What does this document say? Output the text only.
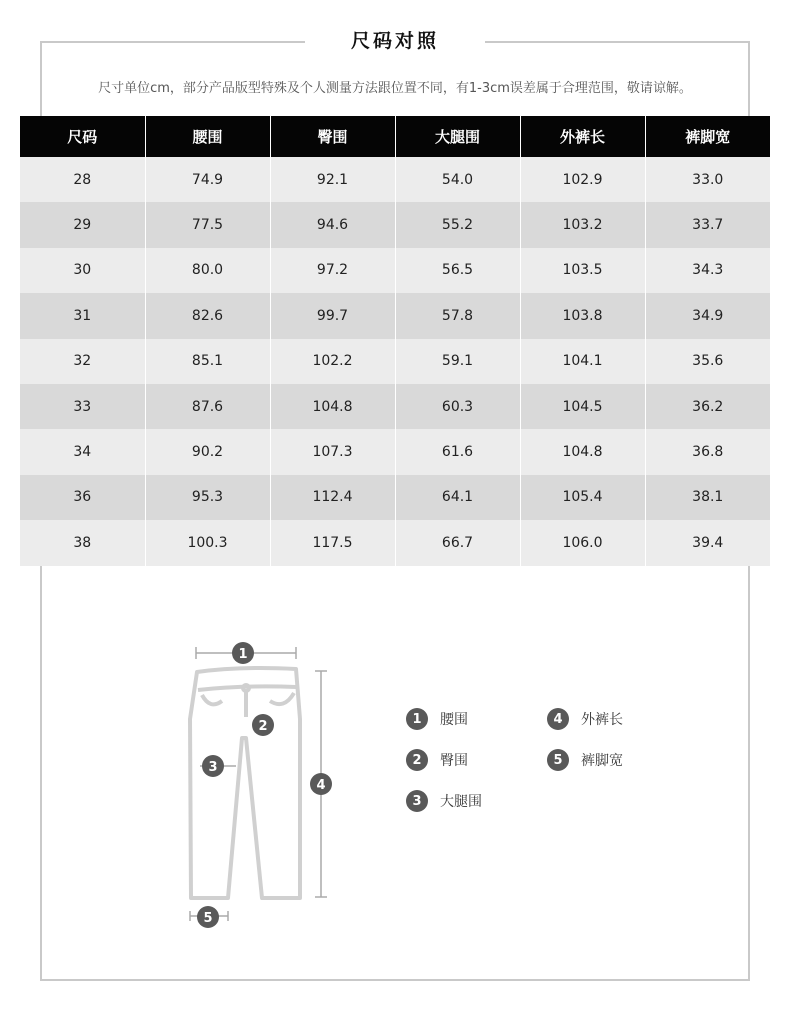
尺码对照
尺寸单位cm，部分产品版型特殊及个人测量方法跟位置不同，有1-3cm误差属于合理范围，敬请谅解。
尺码	腰围	臀围	大腿围	外裤长	裤脚宽
28	74.9	92.1	54.0	102.9	33.0
29	77.5	94.6	55.2	103.2	33.7
30	80.0	97.2	56.5	103.5	34.3
31	82.6	99.7	57.8	103.8	34.9
32	85.1	102.2	59.1	104.1	35.6
33	87.6	104.8	60.3	104.5	36.2
34	90.2	107.3	61.6	104.8	36.8
36	95.3	112.4	64.1	105.4	38.1
38	100.3	117.5	66.7	106.0	39.4
1
2
3
4
5
1	腰围
2	臀围
3	大腿围
4	外裤长
5	裤脚宽
